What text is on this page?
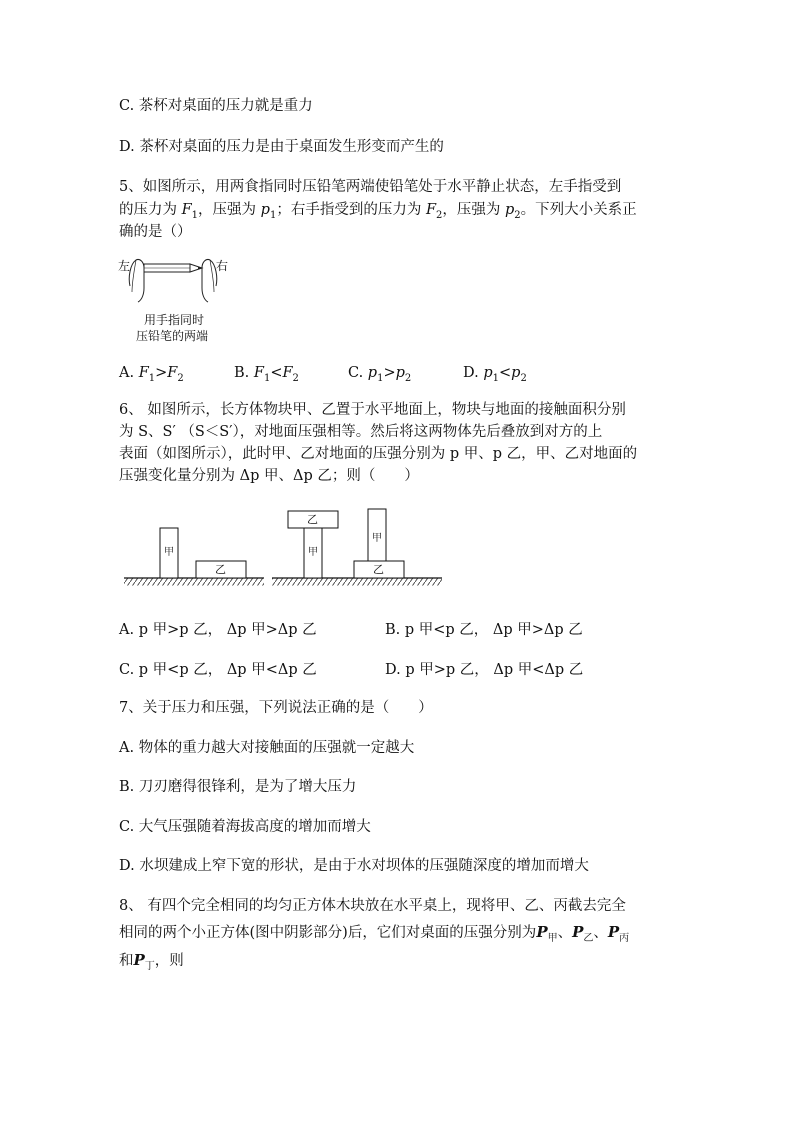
C. 茶杯对桌面的压力就是重力
D. 茶杯对桌面的压力是由于桌面发生形变而产生的
5、如图所示，用两食指同时压铅笔两端使铅笔处于水平静止状态，左手指受到
的压力为 $F_1$，压强为 $p_1$；右手指受到的压力为 $F_2$，压强为 $p_2$。下列大小关系正
确的是（）
左	右
用手指同时
压铅笔的两端
A. $F_1>F_2$	B. $F_1<F_2$	C. $p_1>p_2$	D. $p_1<p_2$
6、 如图所示，长方体物块甲、乙置于水平地面上，物块与地面的接触面积分别
为 S、S′ （S＜S′），对地面压强相等。然后将这两物体先后叠放到对方的上
表面（如图所示），此时甲、乙对地面的压强分别为 p 甲、p 乙，甲、乙对地面的
压强变化量分别为 Δp 甲、Δp 乙；则（　　）
甲
乙
甲
乙
甲
乙
A. p 甲>p 乙， Δp 甲>Δp 乙	B. p 甲<p 乙， Δp 甲>Δp 乙
C. p 甲<p 乙， Δp 甲<Δp 乙	D. p 甲>p 乙， Δp 甲<Δp 乙
7、关于压力和压强，下列说法正确的是（　　）
A. 物体的重力越大对接触面的压强就一定越大
B. 刀刃磨得很锋利，是为了增大压力
C. 大气压强随着海拔高度的增加而增大
D. 水坝建成上窄下宽的形状，是由于水对坝体的压强随深度的增加而增大
8、 有四个完全相同的均匀正方体木块放在水平桌上，现将甲、乙、丙截去完全
相同的两个小正方体(图中阴影部分)后，它们对桌面的压强分别为$P_甲$、$P_乙$、$P_丙$
和$P_丁$，则
